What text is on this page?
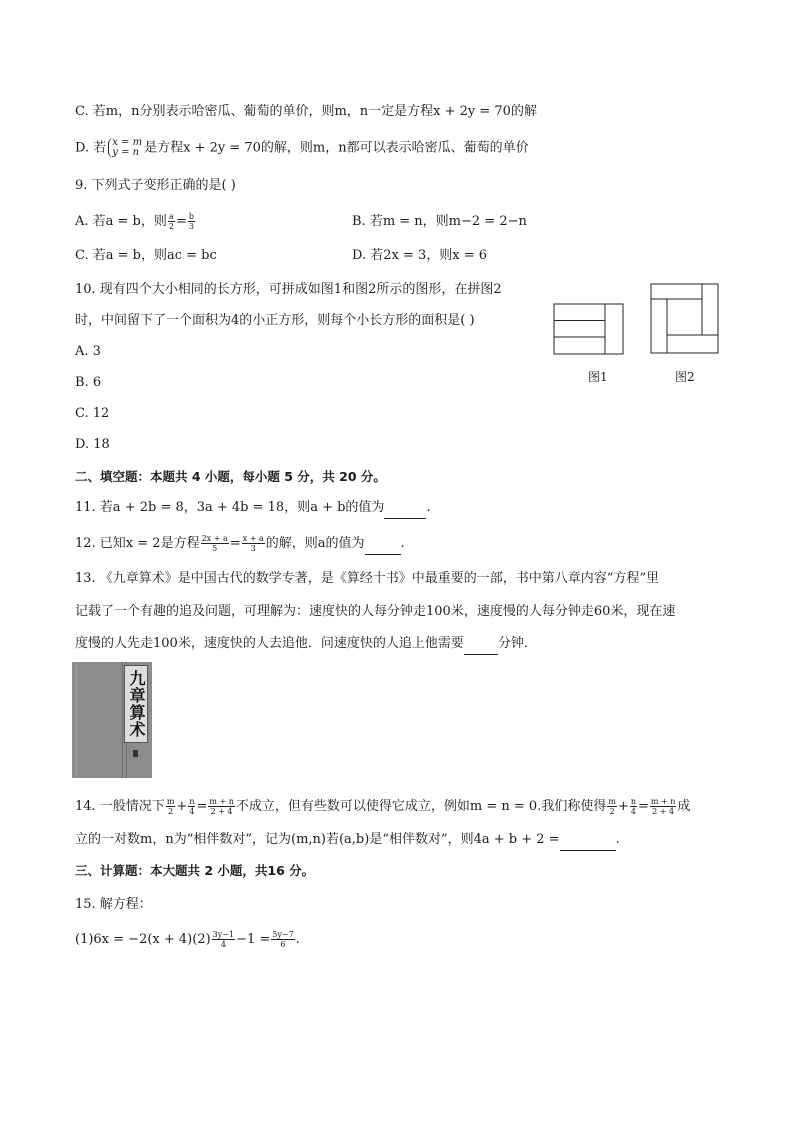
C. 若m，n分别表示哈密瓜、葡萄的单价，则m，n一定是方程x + 2y = 70的解
D. 若 x = m
y = n 是方程x + 2y = 70的解，则m，n都可以表示哈密瓜、葡萄的单价
9. 下列式子变形正确的是( )
A. 若a = b，则 $\frac{a}{2} = \frac{b}{3}$	B. 若m = n，则m−2 = 2−n
C. 若a = b，则ac = bc	D. 若2x = 3，则x = 6
10. 现有四个大小相同的长方形，可拼成如图1和图2所示的图形，在拼图2
时，中间留下了一个面积为4的小正方形，则每个小长方形的面积是( )
A. 3
B. 6
C. 12
D. 18
图1	图2
二、填空题：本题共 4 小题，每小题 5 分，共 20 分。
11. 若a + 2b = 8，3a + 4b = 18，则a + b的值为	.
12. 已知x = 2是方程 $\frac{2x + a}{5} = \frac{x + a}{3}$ 的解，则a的值为	.
13. 《九章算术》是中国古代的数学专著，是《算经十书》中最重要的一部，书中第八章内容“方程”里
记载了一个有趣的追及问题，可理解为：速度快的人每分钟走100米，速度慢的人每分钟走60米，现在速
度慢的人先走100米，速度快的人去追他．问速度快的人追上他需要	分钟．
九章算术
14. 一般情况下 $\frac{m}{2} + \frac{n}{4} = \frac{m + n}{2 + 4}$ 不成立，但有些数可以使得它成立，例如m = n = 0.我们称使得 $\frac{m}{2} + \frac{n}{4} = \frac{m + n}{2 + 4}$ 成
立的一对数m，n为“相伴数对”，记为(m,n)若(a,b)是“相伴数对”，则4a + b + 2 =	.
三、计算题：本大题共 2 小题，共16 分。
15. 解方程：
$(1)6x = -2(x + 4)(2) \frac{3y-1}{4} -1 = \frac{5y-7}{6}$ .
